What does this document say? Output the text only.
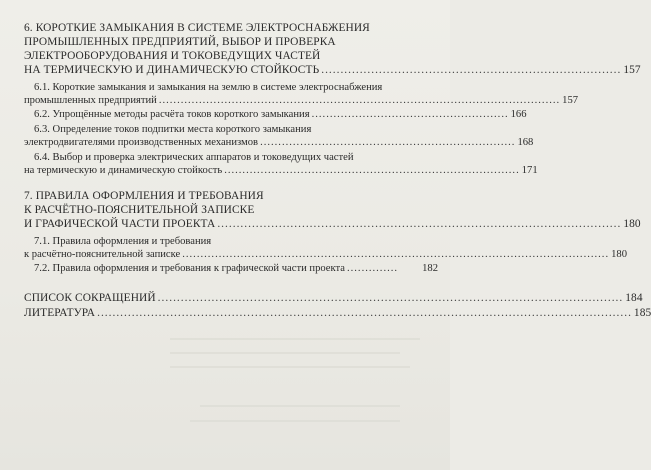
6. КОРОТКИЕ ЗАМЫКАНИЯ В СИСТЕМЕ ЭЛЕКТРОСНАБЖЕНИЯ
ПРОМЫШЛЕННЫХ ПРЕДПРИЯТИЙ, ВЫБОР И ПРОВЕРКА
ЭЛЕКТРООБОРУДОВАНИЯ И ТОКОВЕДУЩИХ ЧАСТЕЙ
НА ТЕРМИЧЕСКУЮ И ДИНАМИЧЕСКУЮ СТОЙКОСТЬ .............................................................................. 157
6.1. Короткие замыкания и замыкания на землю в системе электроснабжения
промышленных предприятий .............................................................................................................. 157
6.2. Упрощённые методы расчёта токов короткого замыкания ...................................................... 166
6.3. Определение токов подпитки места короткого замыкания
электродвигателями производственных механизмов ...................................................................... 168
6.4. Выбор и проверка электрических аппаратов и токоведущих частей
на термическую и динамическую стойкость ................................................................................. 171
7. ПРАВИЛА ОФОРМЛЕНИЯ И ТРЕБОВАНИЯ
К РАСЧЁТНО-ПОЯСНИТЕЛЬНОЙ ЗАПИСКЕ
И ГРАФИЧЕСКОЙ ЧАСТИ ПРОЕКТА ......................................................................................................... 180
7.1. Правила оформления и требования
к расчётно-пояснительной записке ..................................................................................................................... 180
7.2. Правила оформления и требования к графической части проекта ..............	182
СПИСОК СОКРАЩЕНИЙ ......................................................................................................................... 184
ЛИТЕРАТУРА ........................................................................................................................................... 185
